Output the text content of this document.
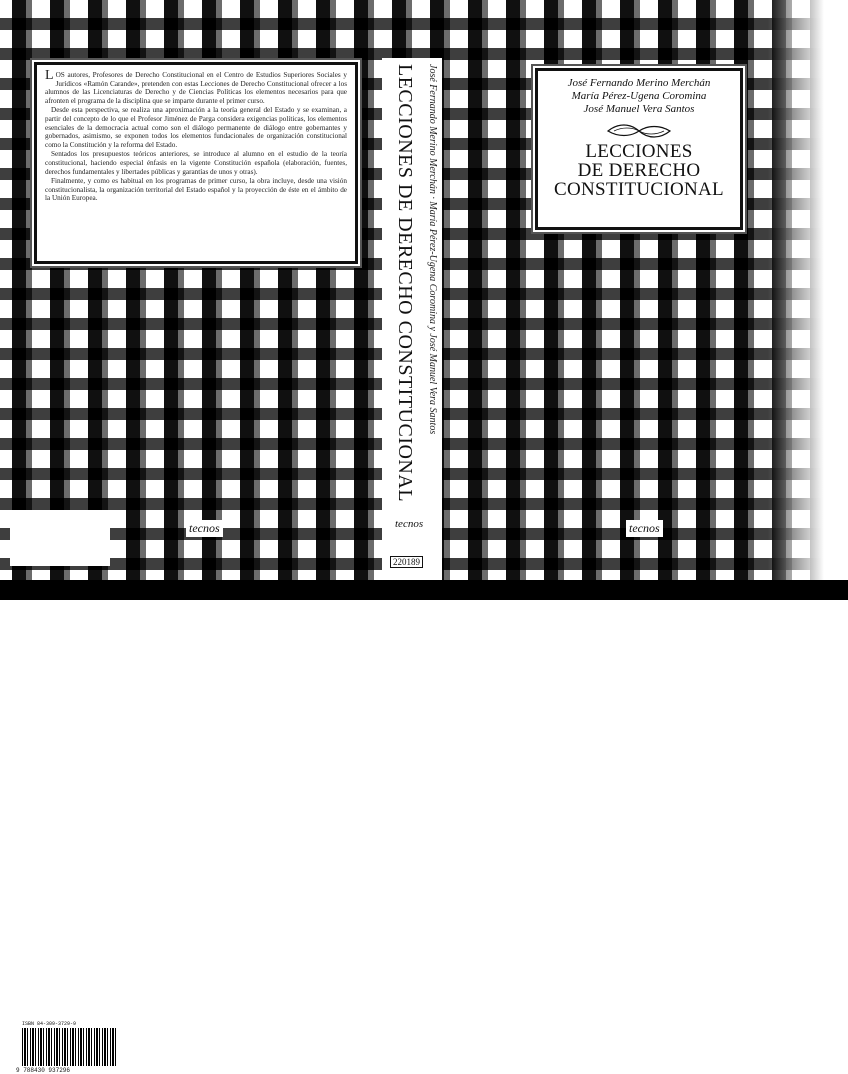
LOS autores, Profesores de Derecho Constitucional en el Centro de Estudios Superiores Sociales y Jurídicos «Ramón Carande», pretenden con estas Lecciones de Derecho Constitucional ofrecer a los alumnos de las Licenciaturas de Derecho y de Ciencias Políticas los elementos necesarios para que afronten el programa de la disciplina que se imparte durante el primer curso.

Desde esta perspectiva, se realiza una aproximación a la teoría general del Estado y se examinan, a partir del concepto de lo que el Profesor Jiménez de Parga considera exigencias políticas, los elementos esenciales de la democracia actual como son el diálogo permanente de diálogo entre gobernantes y gobernados, asimismo, se exponen todos los elementos fundacionales de organización constitucional como la Constitución y la reforma del Estado.

Sentados los presupuestos teóricos anteriores, se introduce al alumno en el estudio de la teoría constitucional, haciendo especial énfasis en la vigente Constitución española (elaboración, fuentes, derechos fundamentales y libertades públicas y garantías de unos y otras).

Finalmente, y como es habitual en los programas de primer curso, la obra incluye, desde una visión constitucionalista, la organización territorial del Estado español y la proyección de éste en el ámbito de la Unión Europea.

ISBN 84-309-3729-9
9 788430 937296
tecnos
LECCIONES DE DERECHO CONSTITUCIONAL	José Fernando Merino Merchán · María Pérez-Ugena Coromina y José Manuel Vera Santos
tecnos
220189
José Fernando Merino Merchán
María Pérez-Ugena Coromina
José Manuel Vera Santos
LECCIONES
DE DERECHO
CONSTITUCIONAL
tecnos
